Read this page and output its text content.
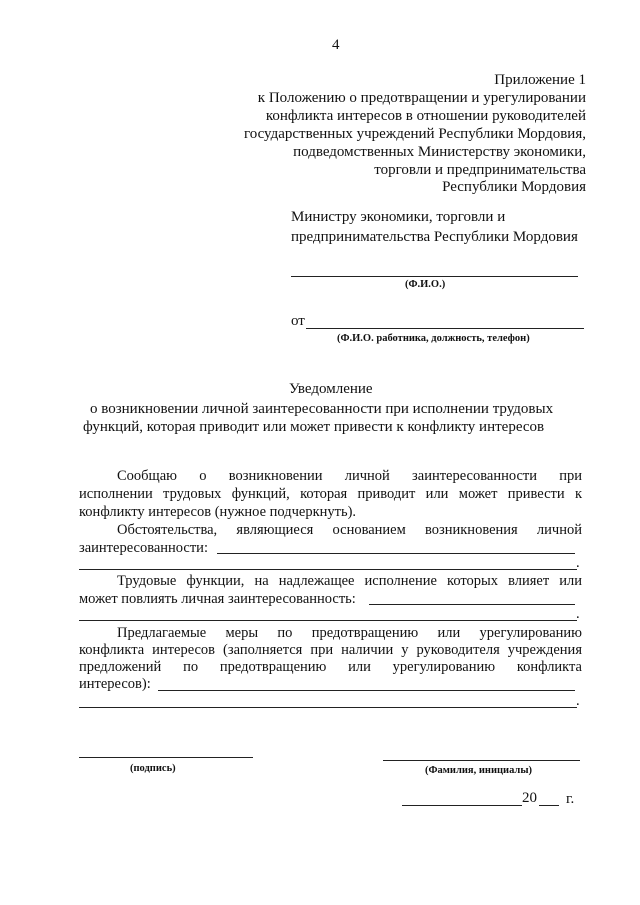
4
Приложение 1
к Положению о предотвращении и урегулировании
конфликта интересов в отношении руководителей
государственных учреждений Республики Мордовия,
подведомственных Министерству экономики,
торговли и предпринимательства
Республики Мордовия
Министру экономики, торговли и
предпринимательства Республики Мордовия
(Ф.И.О.)
от
(Ф.И.О. работника, должность, телефон)
Уведомление
о возникновении личной заинтересованности при исполнении трудовых
функций, которая приводит или может привести к конфликту интересов
Сообщаю о возникновении личной заинтересованности при
исполнении трудовых функций, которая приводит или может привести к
конфликту интересов (нужное подчеркнуть).
Обстоятельства, являющиеся основанием возникновения личной
заинтересованности:
.
Трудовые функции, на надлежащее исполнение которых влияет или
может повлиять личная заинтересованность:
.
Предлагаемые меры по предотвращению или урегулированию
конфликта интересов (заполняется при наличии у руководителя учреждения
предложений по предотвращению или урегулированию конфликта
интересов):
.
(подпись)	(Фамилия, инициалы)
20 г.
